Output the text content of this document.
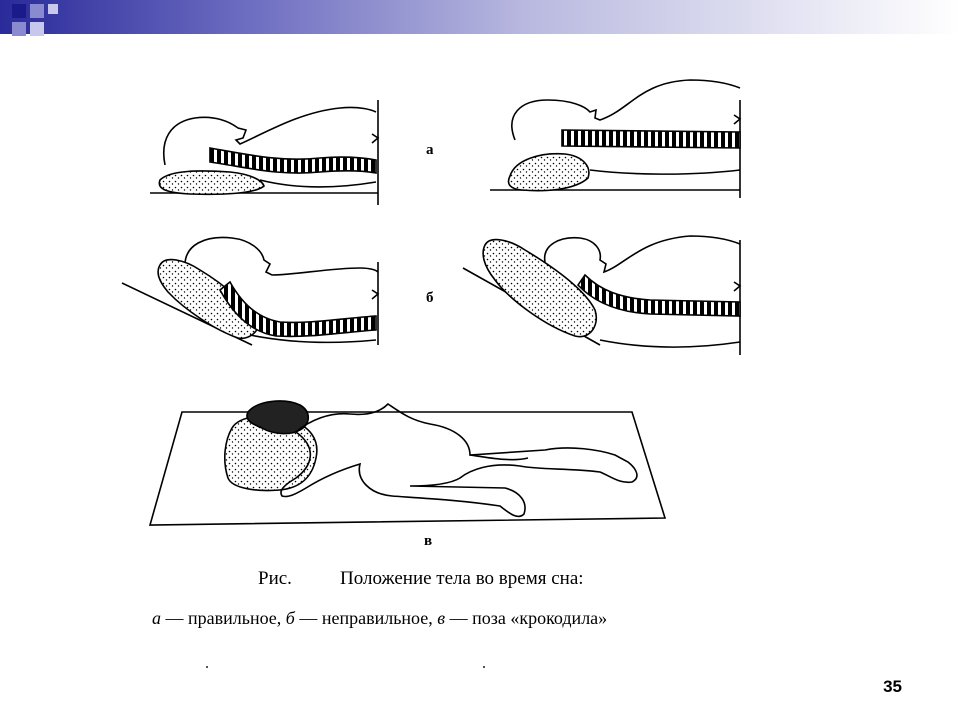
а
б
в
Рис.	Положение тела во время сна:
а — правильное, б — неправильное, в — поза «крокодила»
35
